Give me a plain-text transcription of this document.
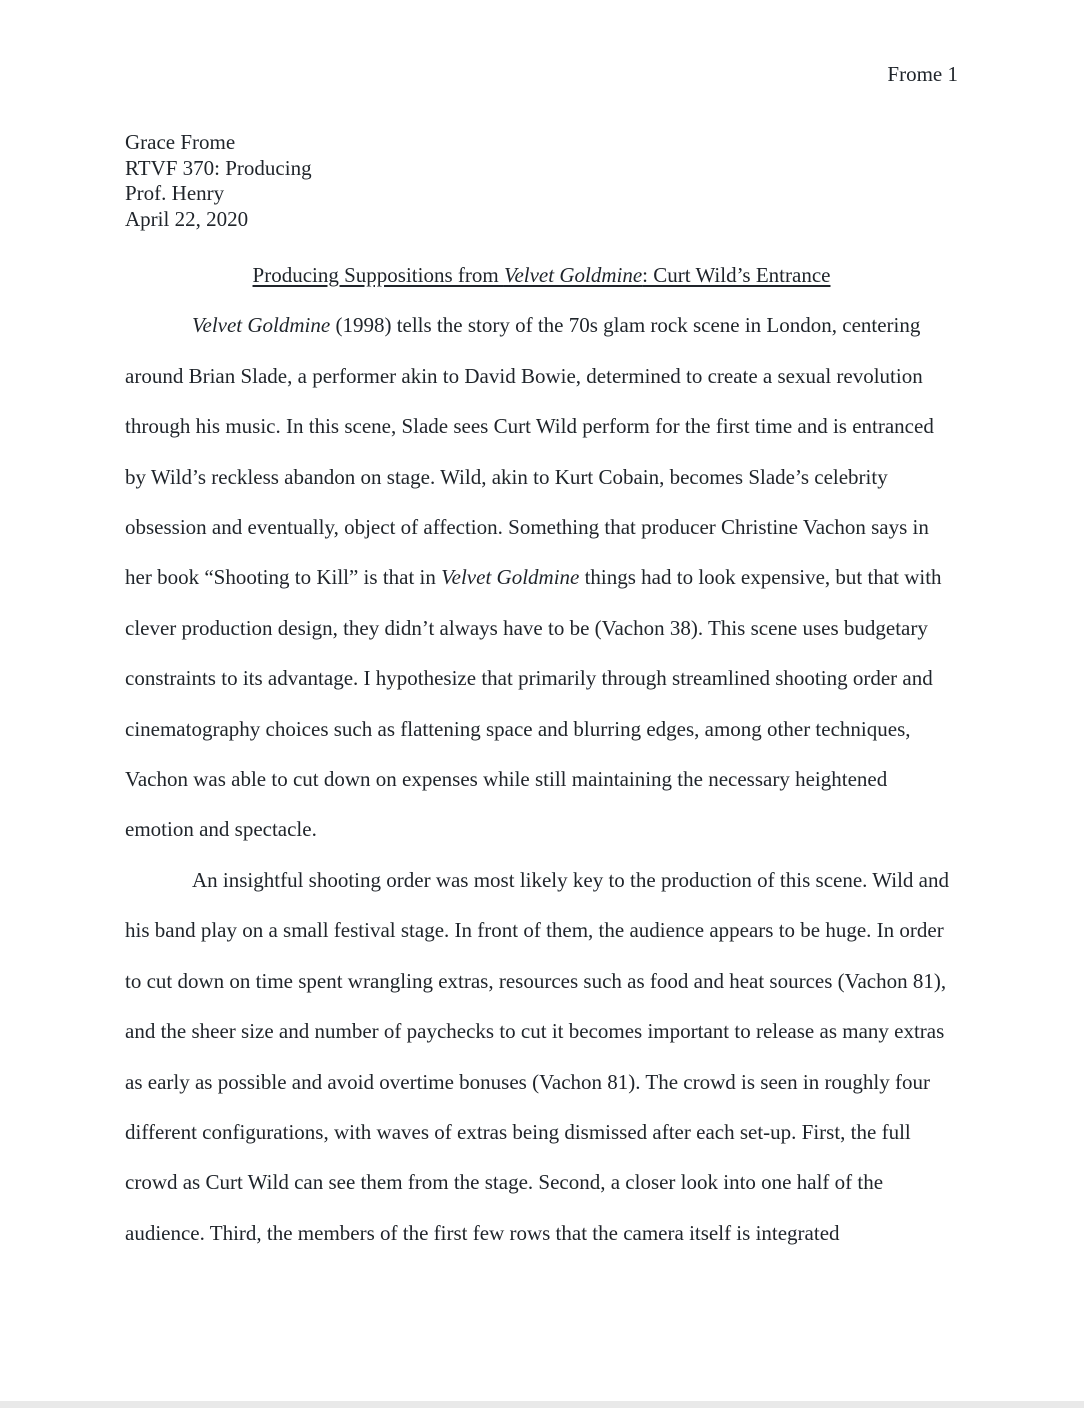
Frome 1
Grace Frome
RTVF 370: Producing
Prof. Henry
April 22, 2020
Producing Suppositions from Velvet Goldmine: Curt Wild’s Entrance
Velvet Goldmine (1998) tells the story of the 70s glam rock scene in London, centering around Brian Slade, a performer akin to David Bowie, determined to create a sexual revolution through his music. In this scene, Slade sees Curt Wild perform for the first time and is entranced by Wild’s reckless abandon on stage. Wild, akin to Kurt Cobain, becomes Slade’s celebrity obsession and eventually, object of affection. Something that producer Christine Vachon says in her book “Shooting to Kill” is that in Velvet Goldmine things had to look expensive, but that with clever production design, they didn’t always have to be (Vachon 38). This scene uses budgetary constraints to its advantage. I hypothesize that primarily through streamlined shooting order and cinematography choices such as flattening space and blurring edges, among other techniques, Vachon was able to cut down on expenses while still maintaining the necessary heightened emotion and spectacle.
An insightful shooting order was most likely key to the production of this scene. Wild and his band play on a small festival stage. In front of them, the audience appears to be huge. In order to cut down on time spent wrangling extras, resources such as food and heat sources (Vachon 81), and the sheer size and number of paychecks to cut it becomes important to release as many extras as early as possible and avoid overtime bonuses (Vachon 81). The crowd is seen in roughly four different configurations, with waves of extras being dismissed after each set-up. First, the full crowd as Curt Wild can see them from the stage. Second, a closer look into one half of the audience. Third, the members of the first few rows that the camera itself is integrated
